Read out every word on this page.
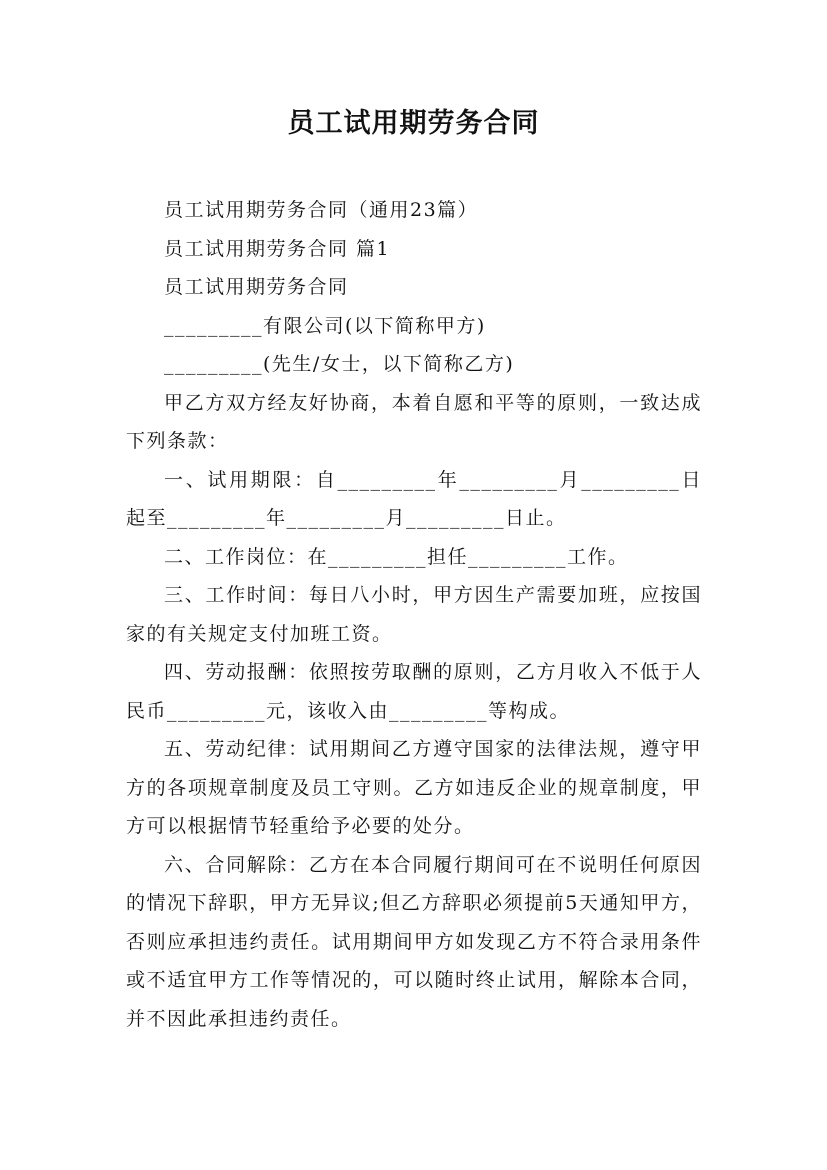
员工试用期劳务合同

员工试用期劳务合同（通用23篇）

员工试用期劳务合同 篇1

员工试用期劳务合同

_________有限公司(以下简称甲方)

_________(先生/女士，以下简称乙方)

甲乙方双方经友好协商，本着自愿和平等的原则，一致达成下列条款：

一、试用期限：自_________年_________月_________日起至_________年_________月_________日止。

二、工作岗位：在_________担任_________工作。

三、工作时间：每日八小时，甲方因生产需要加班，应按国家的有关规定支付加班工资。

四、劳动报酬：依照按劳取酬的原则，乙方月收入不低于人民币_________元，该收入由_________等构成。

五、劳动纪律：试用期间乙方遵守国家的法律法规，遵守甲方的各项规章制度及员工守则。乙方如违反企业的规章制度，甲方可以根据情节轻重给予必要的处分。

六、合同解除：乙方在本合同履行期间可在不说明任何原因的情况下辞职，甲方无异议;但乙方辞职必须提前5天通知甲方，否则应承担违约责任。试用期间甲方如发现乙方不符合录用条件或不适宜甲方工作等情况的，可以随时终止试用，解除本合同，并不因此承担违约责任。
